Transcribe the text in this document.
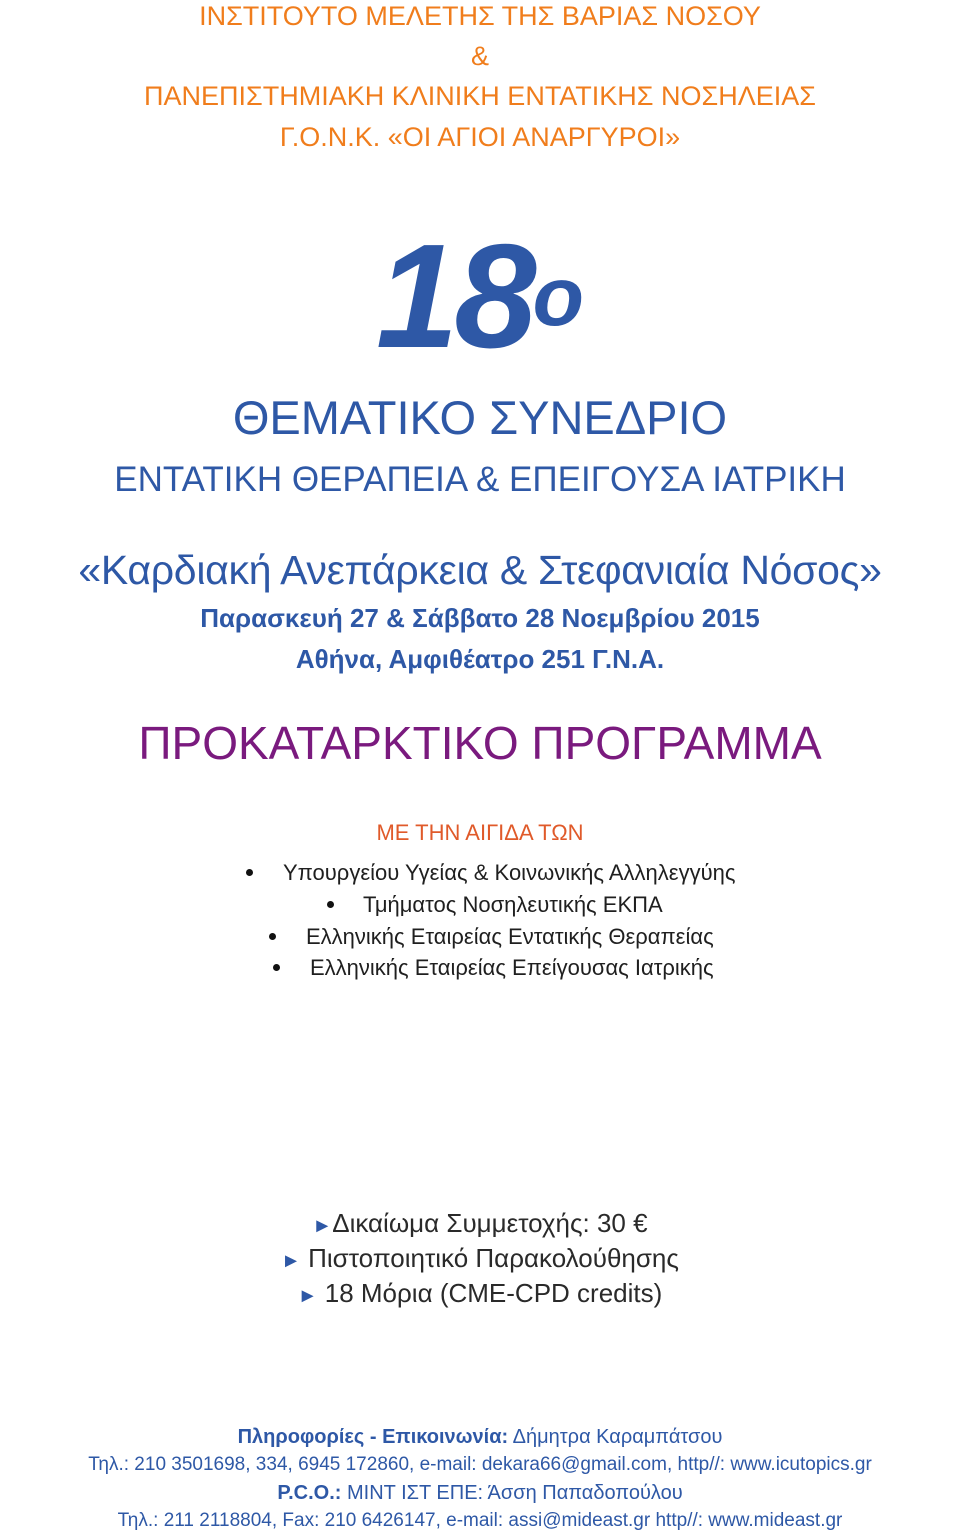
ΙΝΣΤΙΤΟΥΤΟ ΜΕΛΕΤΗΣ ΤΗΣ ΒΑΡΙΑΣ ΝΟΣΟΥ
&
ΠΑΝΕΠΙΣΤΗΜΙΑΚΗ ΚΛΙΝΙΚΗ ΕΝΤΑΤΙΚΗΣ ΝΟΣΗΛΕΙΑΣ
Γ.Ο.Ν.Κ. «ΟΙ ΑΓΙΟΙ ΑΝΑΡΓΥΡΟΙ»
$18^o$
ΘΕΜΑΤΙΚΟ ΣΥΝΕΔΡΙΟ
ΕΝΤΑΤΙΚΗ ΘΕΡΑΠΕΙΑ & ΕΠΕΙΓΟΥΣΑ ΙΑΤΡΙΚΗ
«Καρδιακή Ανεπάρκεια & Στεφανιαία Νόσος»
Παρασκευή 27 & Σάββατο 28 Νοεμβρίου 2015
Αθήνα, Αμφιθέατρο 251 Γ.Ν.Α.
ΠΡΟΚΑΤΑΡΚΤΙΚΟ ΠΡΟΓΡΑΜΜΑ
ΜΕ ΤΗΝ ΑΙΓΙΔΑ ΤΩΝ
Υπουργείου Υγείας & Κοινωνικής Αλληλεγγύης
Τμήματος Νοσηλευτικής ΕΚΠΑ
Ελληνικής Εταιρείας Εντατικής Θεραπείας
Ελληνικής Εταιρείας Επείγουσας Ιατρικής
►Δικαίωμα Συμμετοχής: 30 €
► Πιστοποιητικό Παρακολούθησης
► 18 Μόρια (CME-CPD credits)
Πληροφορίες - Επικοινωνία: Δήμητρα Καραμπάτσου
Τηλ.: 210 3501698, 334, 6945 172860, e-mail: dekara66@gmail.com, http//: www.icutopics.gr
P.C.O.: ΜΙΝΤ ΙΣΤ ΕΠΕ: Άσση Παπαδοπούλου
Τηλ.: 211 2118804, Fax: 210 6426147, e-mail: assi@mideast.gr http//: www.mideast.gr
